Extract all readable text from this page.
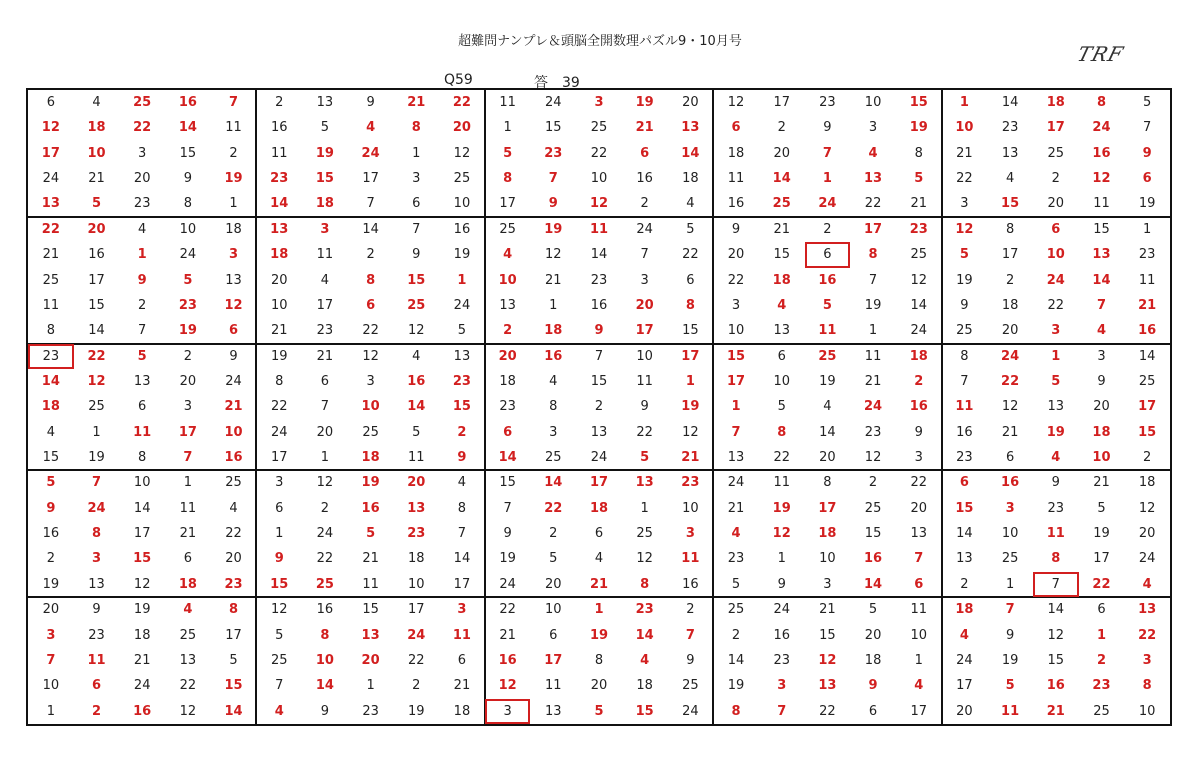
超難問ナンプレ＆頭脳全開数理パズル9・10月号
TRF
Q59	答　39
6	4	25	16	7	2	13	9	21	22	11	24	3	19	20	12	17	23	10	15	1	14	18	8	5
12	18	22	14	11	16	5	4	8	20	1	15	25	21	13	6	2	9	3	19	10	23	17	24	7
17	10	3	15	2	11	19	24	1	12	5	23	22	6	14	18	20	7	4	8	21	13	25	16	9
24	21	20	9	19	23	15	17	3	25	8	7	10	16	18	11	14	1	13	5	22	4	2	12	6
13	5	23	8	1	14	18	7	6	10	17	9	12	2	4	16	25	24	22	21	3	15	20	11	19
22	20	4	10	18	13	3	14	7	16	25	19	11	24	5	9	21	2	17	23	12	8	6	15	1
21	16	1	24	3	18	11	2	9	19	4	12	14	7	22	20	15	6	8	25	5	17	10	13	23
25	17	9	5	13	20	4	8	15	1	10	21	23	3	6	22	18	16	7	12	19	2	24	14	11
11	15	2	23	12	10	17	6	25	24	13	1	16	20	8	3	4	5	19	14	9	18	22	7	21
8	14	7	19	6	21	23	22	12	5	2	18	9	17	15	10	13	11	1	24	25	20	3	4	16
23	22	5	2	9	19	21	12	4	13	20	16	7	10	17	15	6	25	11	18	8	24	1	3	14
14	12	13	20	24	8	6	3	16	23	18	4	15	11	1	17	10	19	21	2	7	22	5	9	25
18	25	6	3	21	22	7	10	14	15	23	8	2	9	19	1	5	4	24	16	11	12	13	20	17
4	1	11	17	10	24	20	25	5	2	6	3	13	22	12	7	8	14	23	9	16	21	19	18	15
15	19	8	7	16	17	1	18	11	9	14	25	24	5	21	13	22	20	12	3	23	6	4	10	2
5	7	10	1	25	3	12	19	20	4	15	14	17	13	23	24	11	8	2	22	6	16	9	21	18
9	24	14	11	4	6	2	16	13	8	7	22	18	1	10	21	19	17	25	20	15	3	23	5	12
16	8	17	21	22	1	24	5	23	7	9	2	6	25	3	4	12	18	15	13	14	10	11	19	20
2	3	15	6	20	9	22	21	18	14	19	5	4	12	11	23	1	10	16	7	13	25	8	17	24
19	13	12	18	23	15	25	11	10	17	24	20	21	8	16	5	9	3	14	6	2	1	7	22	4
20	9	19	4	8	12	16	15	17	3	22	10	1	23	2	25	24	21	5	11	18	7	14	6	13
3	23	18	25	17	5	8	13	24	11	21	6	19	14	7	2	16	15	20	10	4	9	12	1	22
7	11	21	13	5	25	10	20	22	6	16	17	8	4	9	14	23	12	18	1	24	19	15	2	3
10	6	24	22	15	7	14	1	2	21	12	11	20	18	25	19	3	13	9	4	17	5	16	23	8
1	2	16	12	14	4	9	23	19	18	3	13	5	15	24	8	7	22	6	17	20	11	21	25	10
